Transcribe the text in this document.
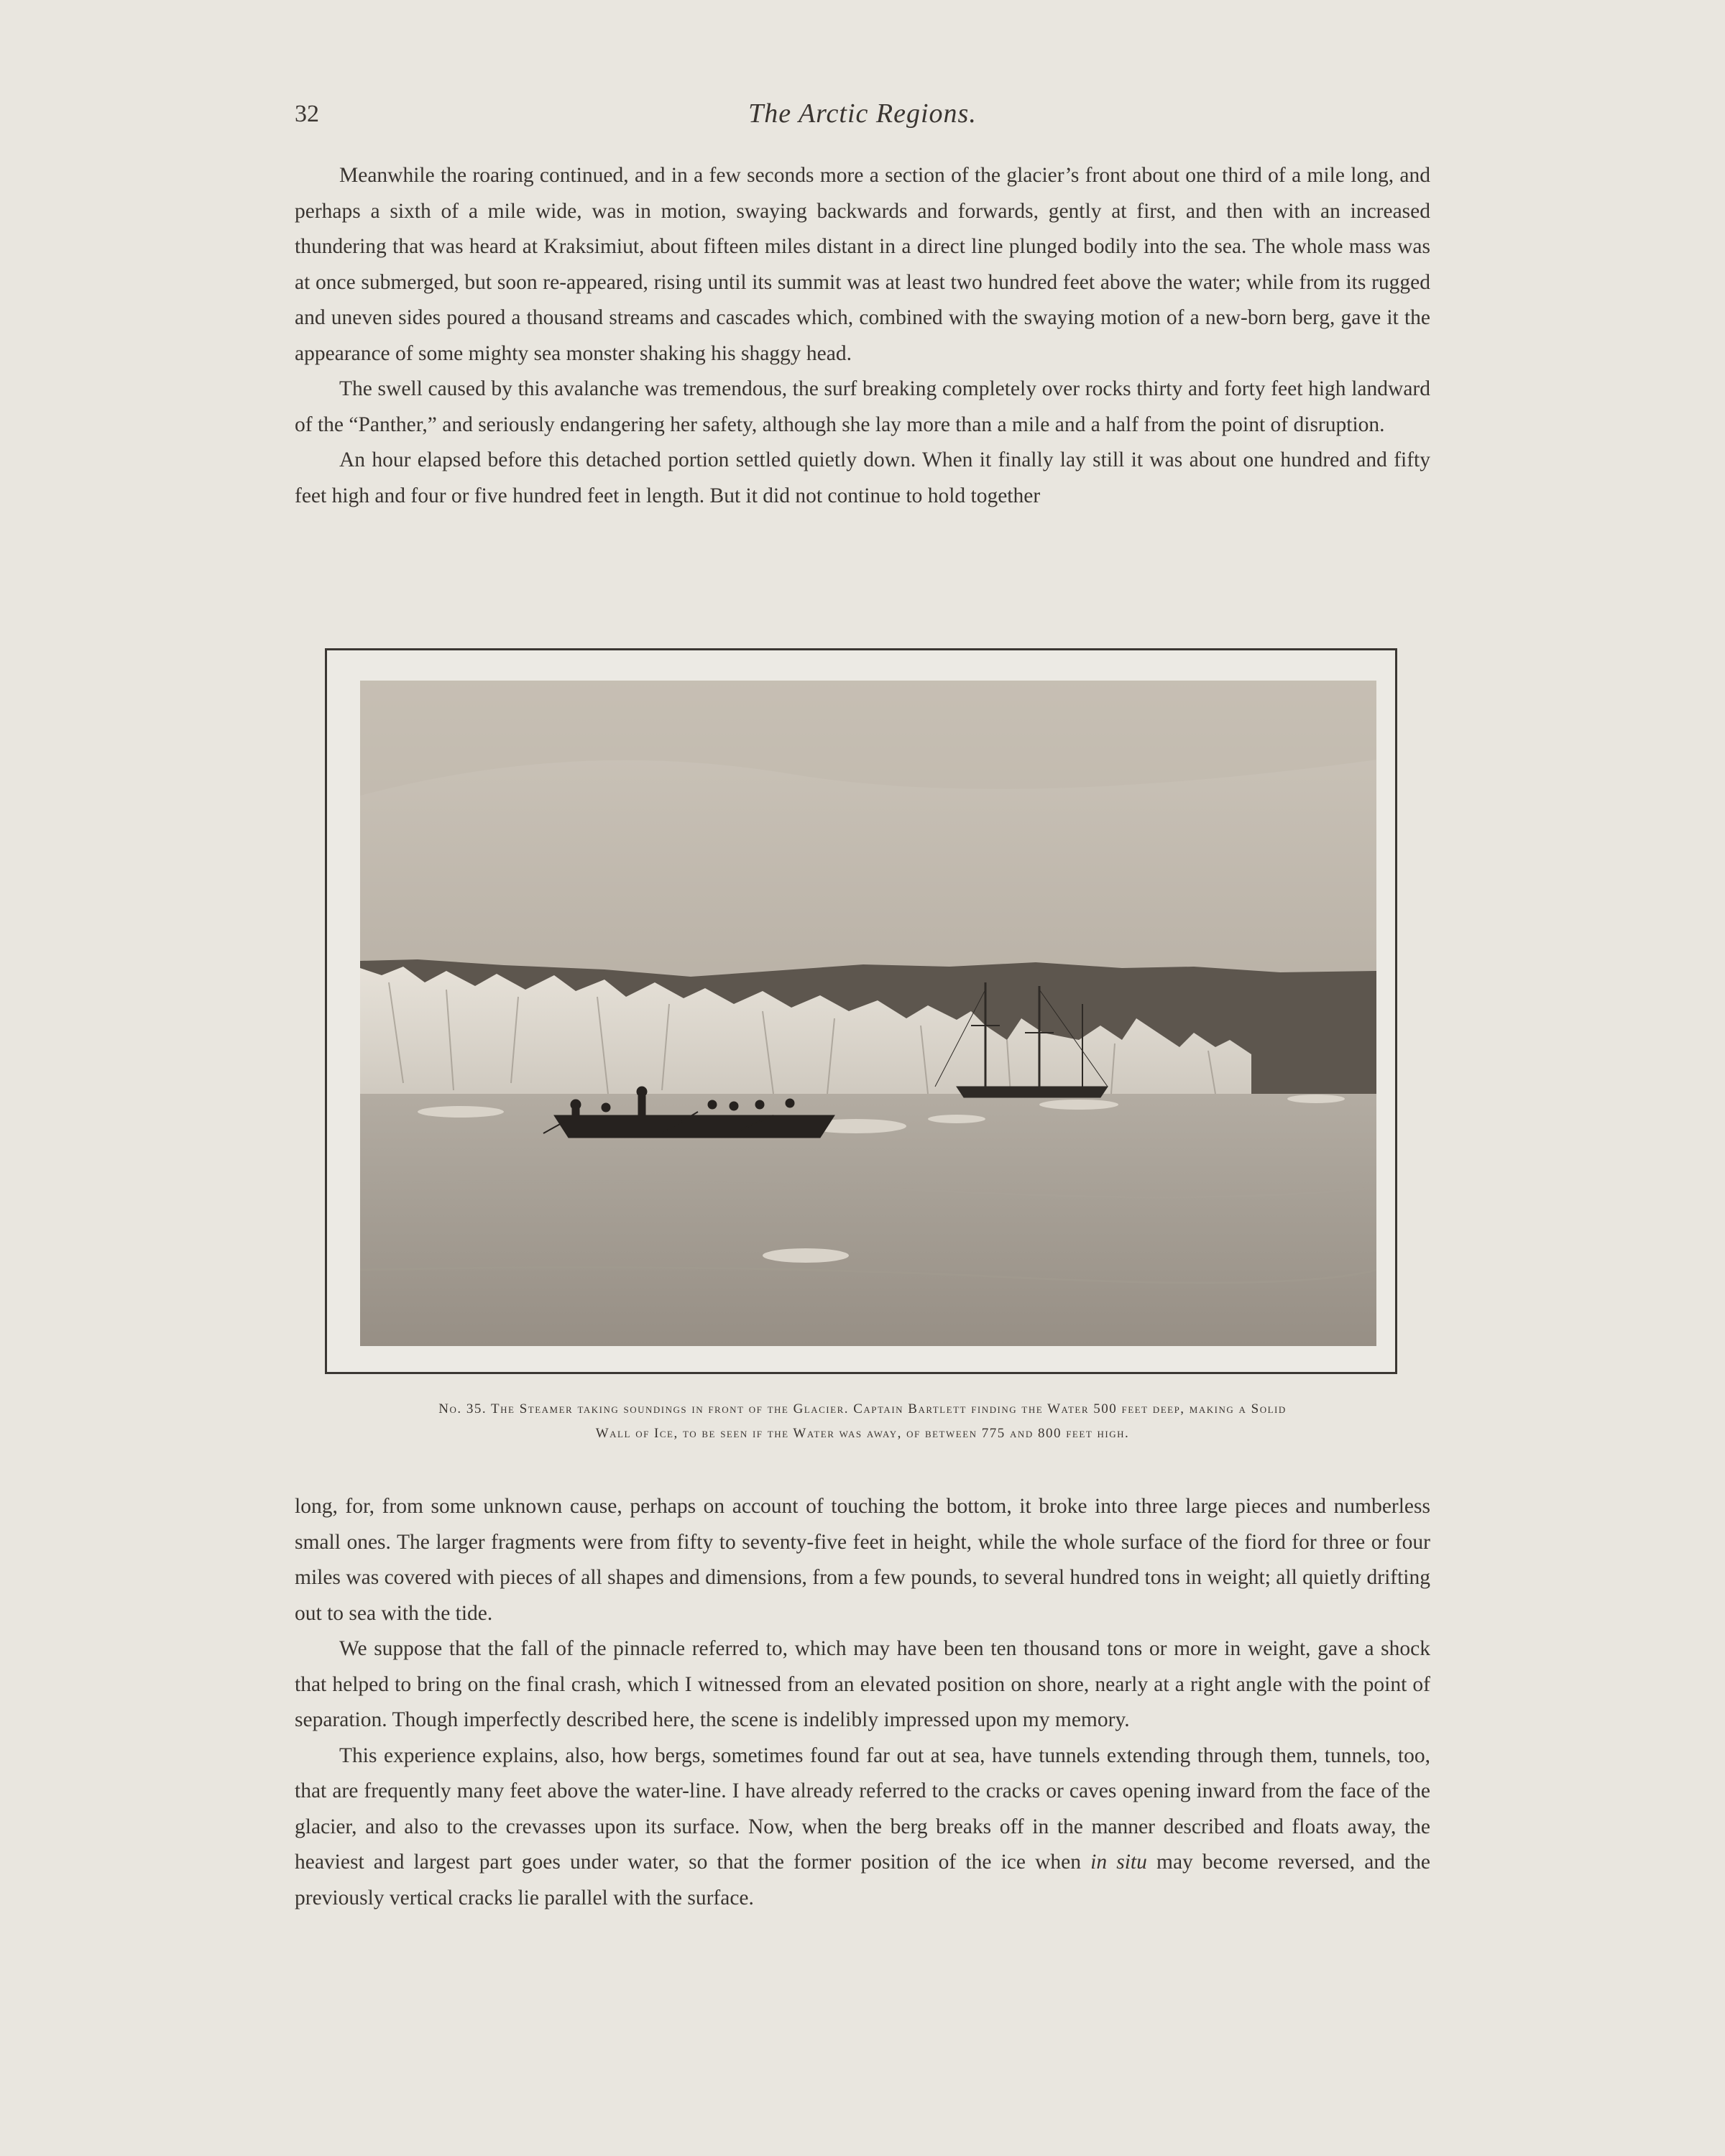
32	The Arctic Regions.

Meanwhile the roaring continued, and in a few seconds more a section of the glacier’s front about one third of a mile long, and perhaps a sixth of a mile wide, was in motion, swaying backwards and forwards, gently at first, and then with an increased thundering that was heard at Kraksimiut, about fifteen miles distant in a direct line plunged bodily into the sea. The whole mass was at once submerged, but soon re-appeared, rising until its summit was at least two hundred feet above the water; while from its rugged and uneven sides poured a thousand streams and cascades which, combined with the swaying motion of a new-born berg, gave it the appearance of some mighty sea monster shaking his shaggy head.

The swell caused by this avalanche was tremendous, the surf breaking completely over rocks thirty and forty feet high landward of the “Panther,” and seriously endangering her safety, although she lay more than a mile and a half from the point of disruption.

An hour elapsed before this detached portion settled quietly down. When it finally lay still it was about one hundred and fifty feet high and four or five hundred feet in length. But it did not continue to hold together

No. 35. The Steamer taking soundings in front of the Glacier. Captain Bartlett finding the Water 500 feet deep, making a Solid
Wall of Ice, to be seen if the Water was away, of between 775 and 800 feet high.

long, for, from some unknown cause, perhaps on account of touching the bottom, it broke into three large pieces and numberless small ones. The larger fragments were from fifty to seventy-five feet in height, while the whole surface of the fiord for three or four miles was covered with pieces of all shapes and dimensions, from a few pounds, to several hundred tons in weight; all quietly drifting out to sea with the tide.

We suppose that the fall of the pinnacle referred to, which may have been ten thousand tons or more in weight, gave a shock that helped to bring on the final crash, which I witnessed from an elevated position on shore, nearly at a right angle with the point of separation. Though imperfectly described here, the scene is indelibly impressed upon my memory.

This experience explains, also, how bergs, sometimes found far out at sea, have tunnels extending through them, tunnels, too, that are frequently many feet above the water-line. I have already referred to the cracks or caves opening inward from the face of the glacier, and also to the crevasses upon its surface. Now, when the berg breaks off in the manner described and floats away, the heaviest and largest part goes under water, so that the former position of the ice when in situ may become reversed, and the previously vertical cracks lie parallel with the surface.
